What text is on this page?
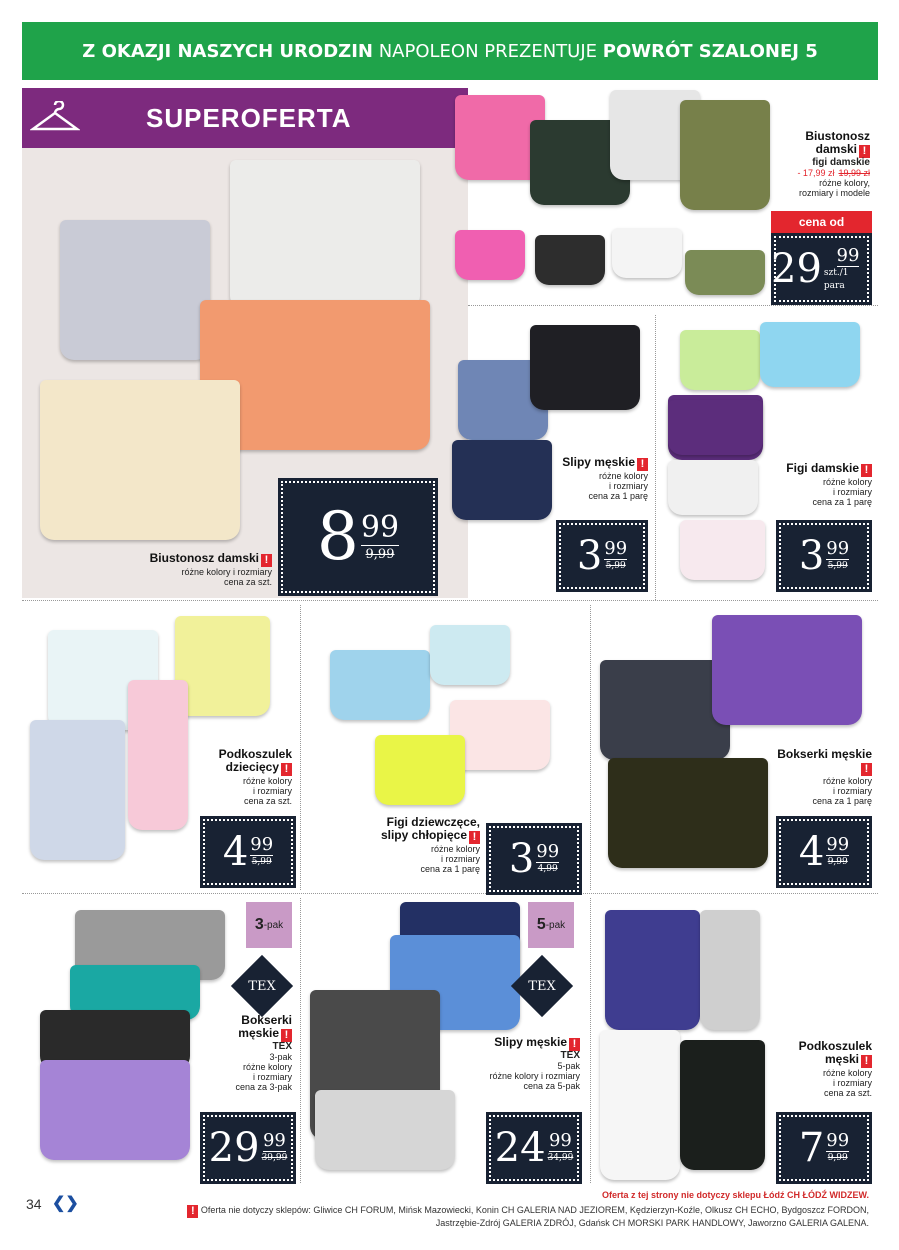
Z OKAZJI NASZYCH URODZIN
NAPOLEON PREZENTUJE
POWRÓT SZALONEJ 5
SUPEROFERTA
Biustonosz damski !
różne kolory i rozmiary
cena za szt.
8 99
9,99
Biustonosz damski !
figi damskie
- 17,99 zł 19,99 zł
różne kolory,
rozmiary i modele
cena od
29 99
szt./1 para
Slipy męskie !
różne kolory
i rozmiary
cena za 1 parę
3 99
5,99
Figi damskie !
różne kolory
i rozmiary
cena za 1 parę
3 99
5,99
Podkoszulek dziecięcy !
różne kolory
i rozmiary
cena za szt.
4 99
5,99
Figi dziewczęce, slipy chłopięce !
różne kolory
i rozmiary
cena za 1 parę 3 99
4,99
Bokserki męskie!
różne kolory
i rozmiary
cena za 1 parę
4 99
9,99
Bokserki męskie !
TEX
3-pak
różne kolory
i rozmiary
cena za 3-pak
29 99
39,99
3 -pak
TEX
Slipy męskie !
TEX
5-pak
różne kolory i rozmiary
cena za 5-pak
24 99
34,99
5 -pak
TEX
Podkoszulek męski !
różne kolory
i rozmiary
cena za szt.
7 99
9,99
34 ❮❯	Oferta z tej strony nie dotyczy sklepu Łódź CH ŁÓDŹ WIDZEW.
! Oferta nie dotyczy sklepów: Gliwice CH FORUM, Mińsk Mazowiecki, Konin CH GALERIA NAD JEZIOREM, Kędzierzyn-Koźle, Olkusz CH ECHO, Bydgoszcz FORDON, Jastrzębie-Zdrój GALERIA ZDRÓJ, Gdańsk CH MORSKI PARK HANDLOWY, Jaworzno GALERIA GALENA.
